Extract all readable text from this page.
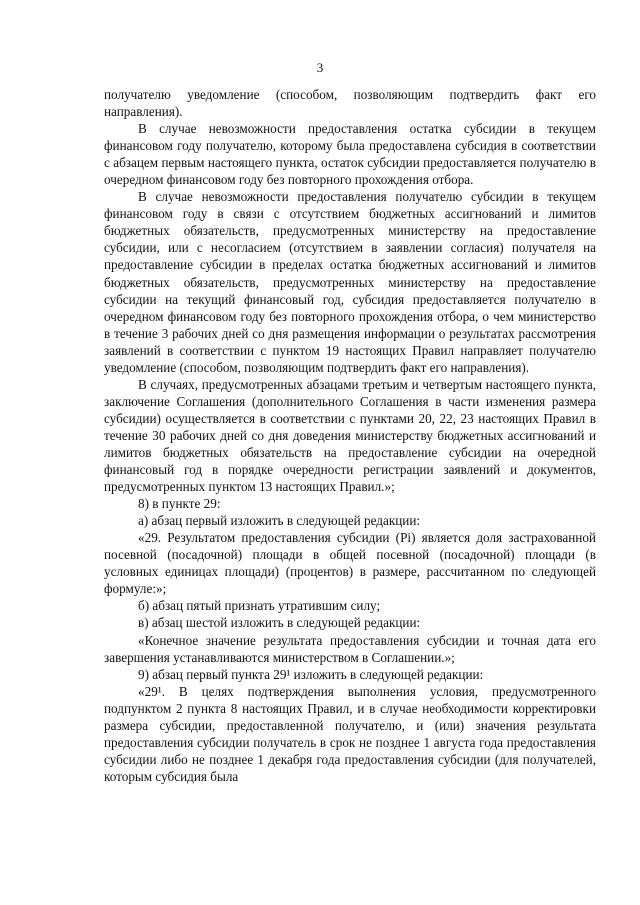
3

получателю уведомление (способом, позволяющим подтвердить факт его направления).

В случае невозможности предоставления остатка субсидии в текущем финансовом году получателю, которому была предоставлена субсидия в соответствии с абзацем первым настоящего пункта, остаток субсидии предоставляется получателю в очередном финансовом году без повторного прохождения отбора.

В случае невозможности предоставления получателю субсидии в текущем финансовом году в связи с отсутствием бюджетных ассигнований и лимитов бюджетных обязательств, предусмотренных министерству на предоставление субсидии, или с несогласием (отсутствием в заявлении согласия) получателя на предоставление субсидии в пределах остатка бюджетных ассигнований и лимитов бюджетных обязательств, предусмотренных министерству на предоставление субсидии на текущий финансовый год, субсидия предоставляется получателю в очередном финансовом году без повторного прохождения отбора, о чем министерство в течение 3 рабочих дней со дня размещения информации о результатах рассмотрения заявлений в соответствии с пунктом 19 настоящих Правил направляет получателю уведомление (способом, позволяющим подтвердить факт его направления).

В случаях, предусмотренных абзацами третьим и четвертым настоящего пункта, заключение Соглашения (дополнительного Соглашения в части изменения размера субсидии) осуществляется в соответствии с пунктами 20, 22, 23 настоящих Правил в течение 30 рабочих дней со дня доведения министерству бюджетных ассигнований и лимитов бюджетных обязательств на предоставление субсидии на очередной финансовый год в порядке очередности регистрации заявлений и документов, предусмотренных пунктом 13 настоящих Правил.»;

8) в пункте 29:

а) абзац первый изложить в следующей редакции:

«29. Результатом предоставления субсидии (Pi) является доля застрахованной посевной (посадочной) площади в общей посевной (посадочной) площади (в условных единицах площади) (процентов) в размере, рассчитанном по следующей формуле:»;

б) абзац пятый признать утратившим силу;

в) абзац шестой изложить в следующей редакции:

«Конечное значение результата предоставления субсидии и точная дата его завершения устанавливаются министерством в Соглашении.»;

9) абзац первый пункта 29¹ изложить в следующей редакции:

«29¹. В целях подтверждения выполнения условия, предусмотренного подпунктом 2 пункта 8 настоящих Правил, и в случае необходимости корректировки размера субсидии, предоставленной получателю, и (или) значения результата предоставления субсидии получатель в срок не позднее 1 августа года предоставления субсидии либо не позднее 1 декабря года предоставления субсидии (для получателей, которым субсидия была
